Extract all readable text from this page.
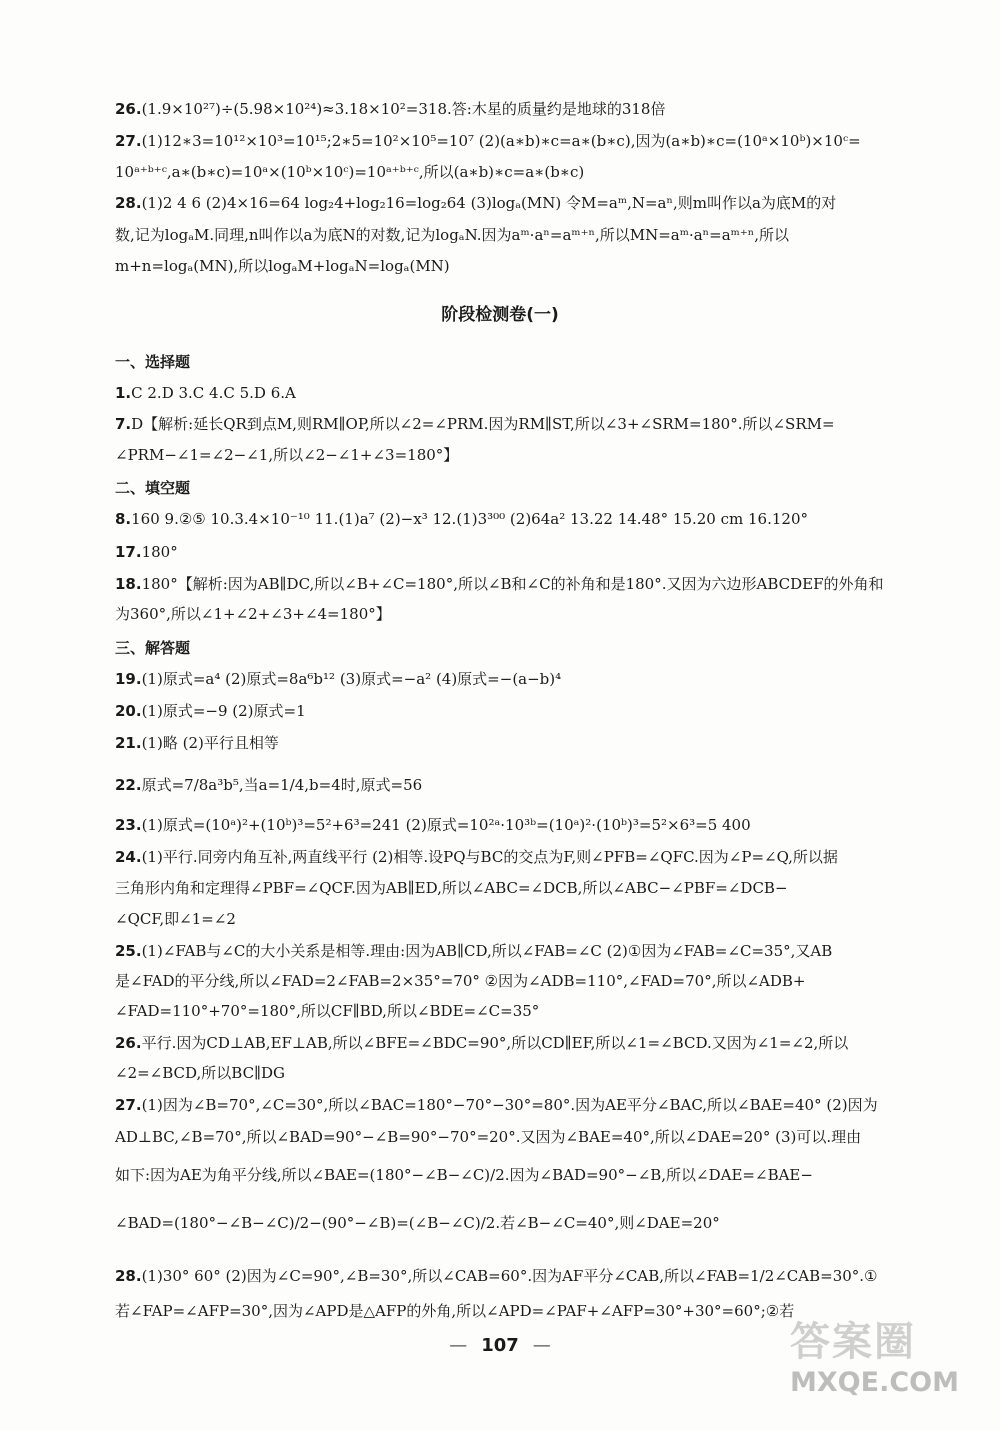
26.(1.9×10²⁷)÷(5.98×10²⁴)≈3.18×10²=318.答:木星的质量约是地球的318倍
27.(1)12∗3=10¹²×10³=10¹⁵;2∗5=10²×10⁵=10⁷ (2)(a∗b)∗c=a∗(b∗c),因为(a∗b)∗c=(10ᵃ×10ᵇ)×10ᶜ=
10ᵃ⁺ᵇ⁺ᶜ,a∗(b∗c)=10ᵃ×(10ᵇ×10ᶜ)=10ᵃ⁺ᵇ⁺ᶜ,所以(a∗b)∗c=a∗(b∗c)
28.(1)2 4 6 (2)4×16=64 log₂4+log₂16=log₂64 (3)logₐ(MN) 令M=aᵐ,N=aⁿ,则m叫作以a为底M的对
数,记为logₐM.同理,n叫作以a为底N的对数,记为logₐN.因为aᵐ·aⁿ=aᵐ⁺ⁿ,所以MN=aᵐ·aⁿ=aᵐ⁺ⁿ,所以
m+n=logₐ(MN),所以logₐM+logₐN=logₐ(MN)
阶段检测卷(一)
一、选择题
1.C 2.D 3.C 4.C 5.D 6.A
7.D【解析:延长QR到点M,则RM∥OP,所以∠2=∠PRM.因为RM∥ST,所以∠3+∠SRM=180°.所以∠SRM=
∠PRM−∠1=∠2−∠1,所以∠2−∠1+∠3=180°】
二、填空题
8.160 9.②⑤ 10.3.4×10⁻¹⁰ 11.(1)a⁷ (2)−x³ 12.(1)3³⁰⁰ (2)64a² 13.22 14.48° 15.20 cm 16.120°
17.180°
18.180°【解析:因为AB∥DC,所以∠B+∠C=180°,所以∠B和∠C的补角和是180°.又因为六边形ABCDEF的外角和
为360°,所以∠1+∠2+∠3+∠4=180°】
三、解答题
19.(1)原式=a⁴ (2)原式=8a⁶b¹² (3)原式=−a² (4)原式=−(a−b)⁴
20.(1)原式=−9 (2)原式=1
21.(1)略 (2)平行且相等
22.原式=7/8a³b⁵,当a=1/4,b=4时,原式=56
23.(1)原式=(10ᵃ)²+(10ᵇ)³=5²+6³=241 (2)原式=10²ᵃ·10³ᵇ=(10ᵃ)²·(10ᵇ)³=5²×6³=5 400
24.(1)平行.同旁内角互补,两直线平行 (2)相等.设PQ与BC的交点为F,则∠PFB=∠QFC.因为∠P=∠Q,所以据
三角形内角和定理得∠PBF=∠QCF.因为AB∥ED,所以∠ABC=∠DCB,所以∠ABC−∠PBF=∠DCB−
∠QCF,即∠1=∠2
25.(1)∠FAB与∠C的大小关系是相等.理由:因为AB∥CD,所以∠FAB=∠C (2)①因为∠FAB=∠C=35°,又AB
是∠FAD的平分线,所以∠FAD=2∠FAB=2×35°=70° ②因为∠ADB=110°,∠FAD=70°,所以∠ADB+
∠FAD=110°+70°=180°,所以CF∥BD,所以∠BDE=∠C=35°
26.平行.因为CD⊥AB,EF⊥AB,所以∠BFE=∠BDC=90°,所以CD∥EF,所以∠1=∠BCD.又因为∠1=∠2,所以
∠2=∠BCD,所以BC∥DG
27.(1)因为∠B=70°,∠C=30°,所以∠BAC=180°−70°−30°=80°.因为AE平分∠BAC,所以∠BAE=40° (2)因为
AD⊥BC,∠B=70°,所以∠BAD=90°−∠B=90°−70°=20°.又因为∠BAE=40°,所以∠DAE=20° (3)可以.理由
如下:因为AE为角平分线,所以∠BAE=(180°−∠B−∠C)/2.因为∠BAD=90°−∠B,所以∠DAE=∠BAE−
∠BAD=(180°−∠B−∠C)/2−(90°−∠B)=(∠B−∠C)/2.若∠B−∠C=40°,则∠DAE=20°
28.(1)30° 60° (2)因为∠C=90°,∠B=30°,所以∠CAB=60°.因为AF平分∠CAB,所以∠FAB=1/2∠CAB=30°.①
若∠FAP=∠AFP=30°,因为∠APD是△AFP的外角,所以∠APD=∠PAF+∠AFP=30°+30°=60°;②若
— 107 —	答案圈
MXQE.COM
